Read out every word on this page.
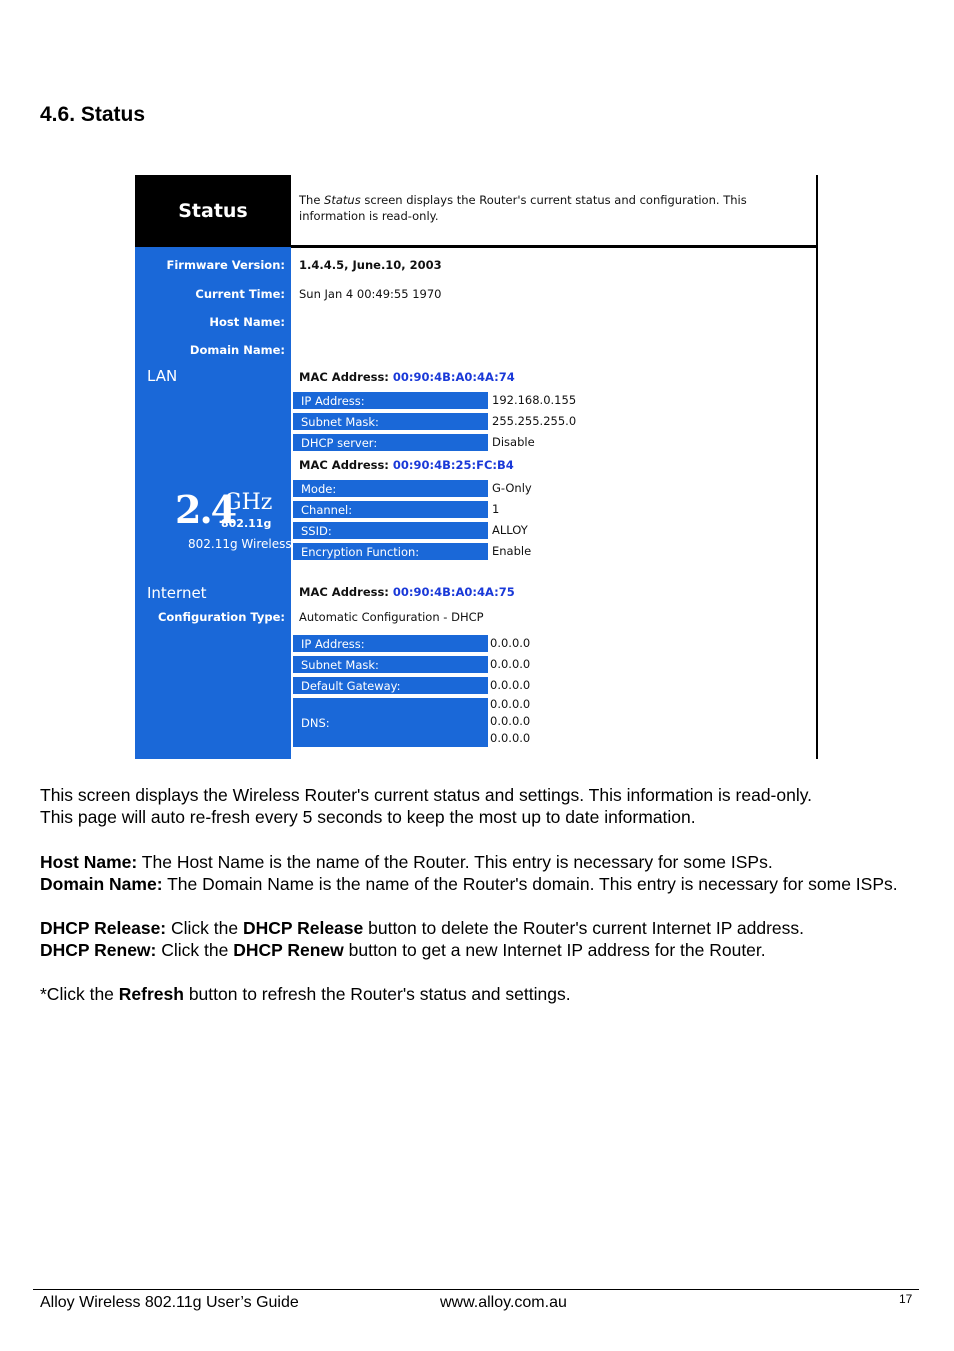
4.6. Status
Status	The Status screen displays the Router's current status and configuration. This information is read-only.
Firmware Version: 1.4.4.5, June.10, 2003
Current Time: Sun Jan 4 00:49:55 1970
Host Name:
Domain Name:
LAN	MAC Address: 00:90:4B:A0:4A:74
IP Address:	192.168.0.155
Subnet Mask:	255.255.255.0
DHCP server:	Disable
MAC Address: 00:90:4B:25:FC:B4
2.4
GHz
802.11g
802.11g Wireless
Mode:	G-Only
Channel:	1
SSID:	ALLOY
Encryption Function:	Enable
Internet	MAC Address: 00:90:4B:A0:4A:75
Configuration Type: Automatic Configuration - DHCP
IP Address:	0.0.0.0
Subnet Mask:	0.0.0.0
Default Gateway:	0.0.0.0
DNS:
0.0.0.0
0.0.0.0
0.0.0.0
This screen displays the Wireless Router's current status and settings. This information is read-only.
This page will auto re-fresh every 5 seconds to keep the most up to date information.
Host Name: The Host Name is the name of the Router. This entry is necessary for some ISPs.
Domain Name: The Domain Name is the name of the Router's domain. This entry is necessary for some ISPs.
DHCP Release: Click the DHCP Release button to delete the Router's current Internet IP address.
DHCP Renew: Click the DHCP Renew button to get a new Internet IP address for the Router.
*Click the Refresh button to refresh the Router's status and settings.
Alloy Wireless 802.11g User’s Guide	www.alloy.com.au	17
